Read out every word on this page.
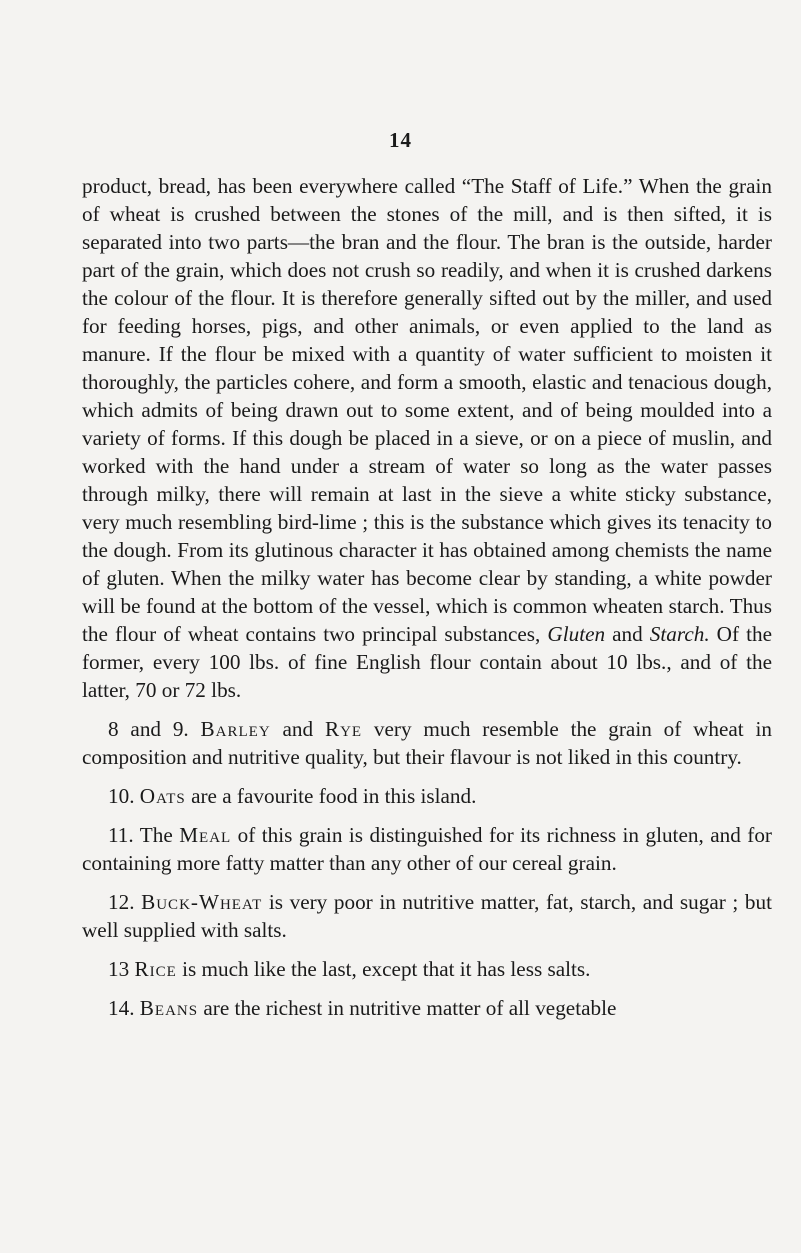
14

product, bread, has been everywhere called “The Staff of Life.” When the grain of wheat is crushed between the stones of the mill, and is then sifted, it is separated into two parts—the bran and the flour. The bran is the outside, harder part of the grain, which does not crush so readily, and when it is crushed darkens the colour of the flour. It is therefore generally sifted out by the miller, and used for feeding horses, pigs, and other animals, or even applied to the land as manure. If the flour be mixed with a quantity of water sufficient to moisten it thoroughly, the particles cohere, and form a smooth, elastic and tenacious dough, which admits of being drawn out to some extent, and of being moulded into a variety of forms. If this dough be placed in a sieve, or on a piece of muslin, and worked with the hand under a stream of water so long as the water passes through milky, there will remain at last in the sieve a white sticky substance, very much resembling bird-lime ; this is the substance which gives its tenacity to the dough. From its glutinous character it has obtained among chemists the name of gluten. When the milky water has become clear by standing, a white powder will be found at the bottom of the vessel, which is common wheaten starch. Thus the flour of wheat contains two principal substances, Gluten and Starch. Of the former, every 100 lbs. of fine English flour contain about 10 lbs., and of the latter, 70 or 72 lbs.

8 and 9. Barley and Rye very much resemble the grain of wheat in composition and nutritive quality, but their flavour is not liked in this country.

10. Oats are a favourite food in this island.

11. The Meal of this grain is distinguished for its richness in gluten, and for containing more fatty matter than any other of our cereal grain.

12. Buck-Wheat is very poor in nutritive matter, fat, starch, and sugar ; but well supplied with salts.

13 Rice is much like the last, except that it has less salts.

14. Beans are the richest in nutritive matter of all vegetable
